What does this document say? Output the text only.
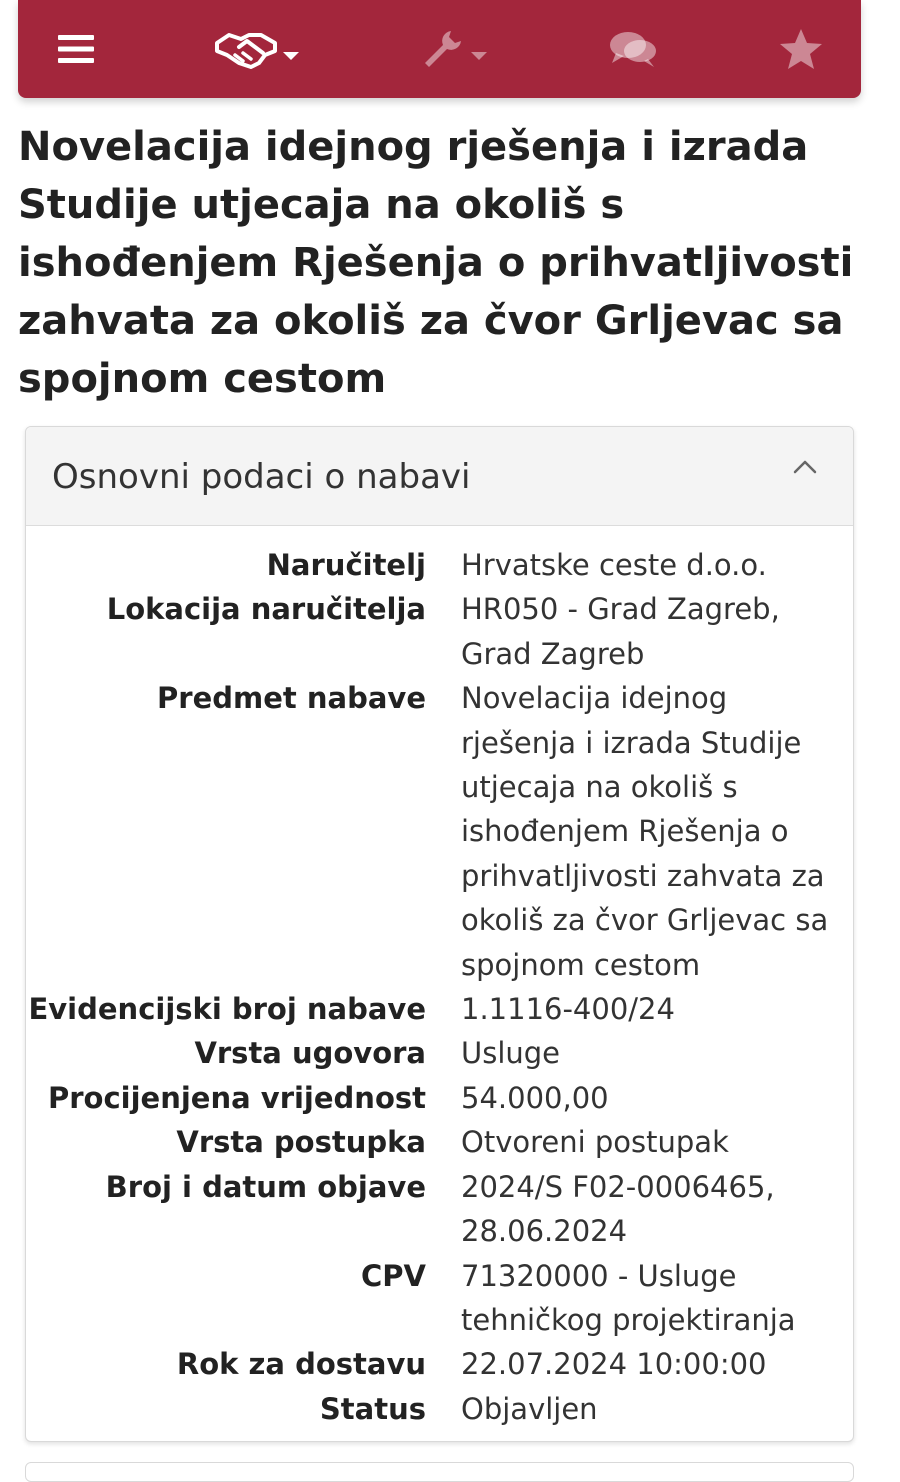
Novelacija idejnog rješenja i izrada Studije utjecaja na okoliš s ishođenjem Rješenja o prihvatljivosti zahvata za okoliš za čvor Grljevac sa spojnom cestom
Osnovni podaci o nabavi
Naručitelj Hrvatske ceste d.o.o.
Lokacija naručitelja HR050 - Grad Zagreb, Grad Zagreb
Predmet nabave Novelacija idejnog rješenja i izrada Studije utjecaja na okoliš s ishođenjem Rješenja o prihvatljivosti zahvata za okoliš za čvor Grljevac sa spojnom cestom
Evidencijski broj nabave 1.1116-400/24
Vrsta ugovora Usluge
Procijenjena vrijednost 54.000,00
Vrsta postupka Otvoreni postupak
Broj i datum objave 2024/S F02-0006465, 28.06.2024
CPV 71320000 - Usluge tehničkog projektiranja
Rok za dostavu 22.07.2024 10:00:00
Status Objavljen
